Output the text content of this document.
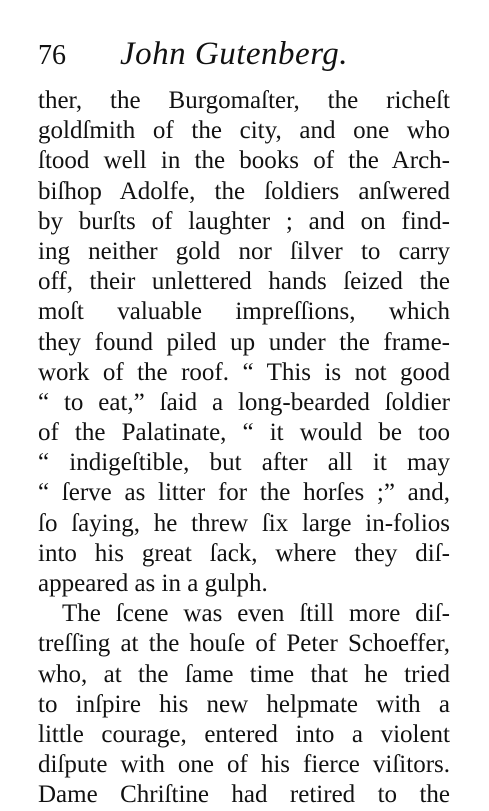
76 John Gutenberg.
ther, the Burgomaſter, the richeſt
goldſmith of the city, and one who
ſtood well in the books of the Arch-
biſhop Adolfe, the ſoldiers anſwered
by burſts of laughter ; and on find-
ing neither gold nor ſilver to carry
off, their unlettered hands ſeized the
moſt valuable impreſſions, which
they found piled up under the frame-
work of the roof. “ This is not good
“ to eat,” ſaid a long-bearded ſoldier
of the Palatinate, “ it would be too
“ indigeſtible, but after all it may
“ ſerve as litter for the horſes ;” and,
ſo ſaying, he threw ſix large in-folios
into his great ſack, where they diſ-
appeared as in a gulph.
The ſcene was even ſtill more diſ-
treſſing at the houſe of Peter Schoeffer,
who, at the ſame time that he tried
to inſpire his new helpmate with a
little courage, entered into a violent
diſpute with one of his fierce viſitors.
Dame Chriſtine had retired to the
